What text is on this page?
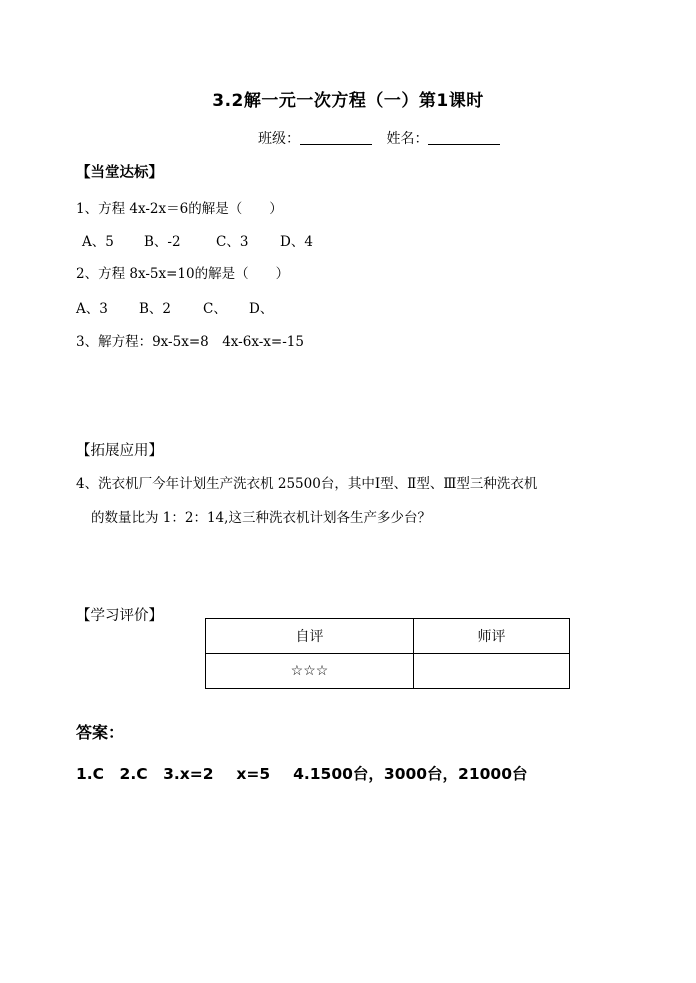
3.2解一元一次方程（一）第1课时
班级：	姓名：
【当堂达标】
1、方程 4x-2x＝6的解是（　　）
A、5 B、-2	C、3 D、4
2、方程 8x-5x=10的解是（　　）
A、3 B、2 C、 D、
3、解方程：9x-5x=8　4x-6x-x=-15
【拓展应用】
4、洗衣机厂今年计划生产洗衣机 25500台，其中Ⅰ型、Ⅱ型、Ⅲ型三种洗衣机
的数量比为 1：2：14,这三种洗衣机计划各生产多少台？
【学习评价】
自评	师评
☆☆☆	
答案：
1.C　2.C　3.x=2　 x=5　 4.1500台，3000台，21000台
